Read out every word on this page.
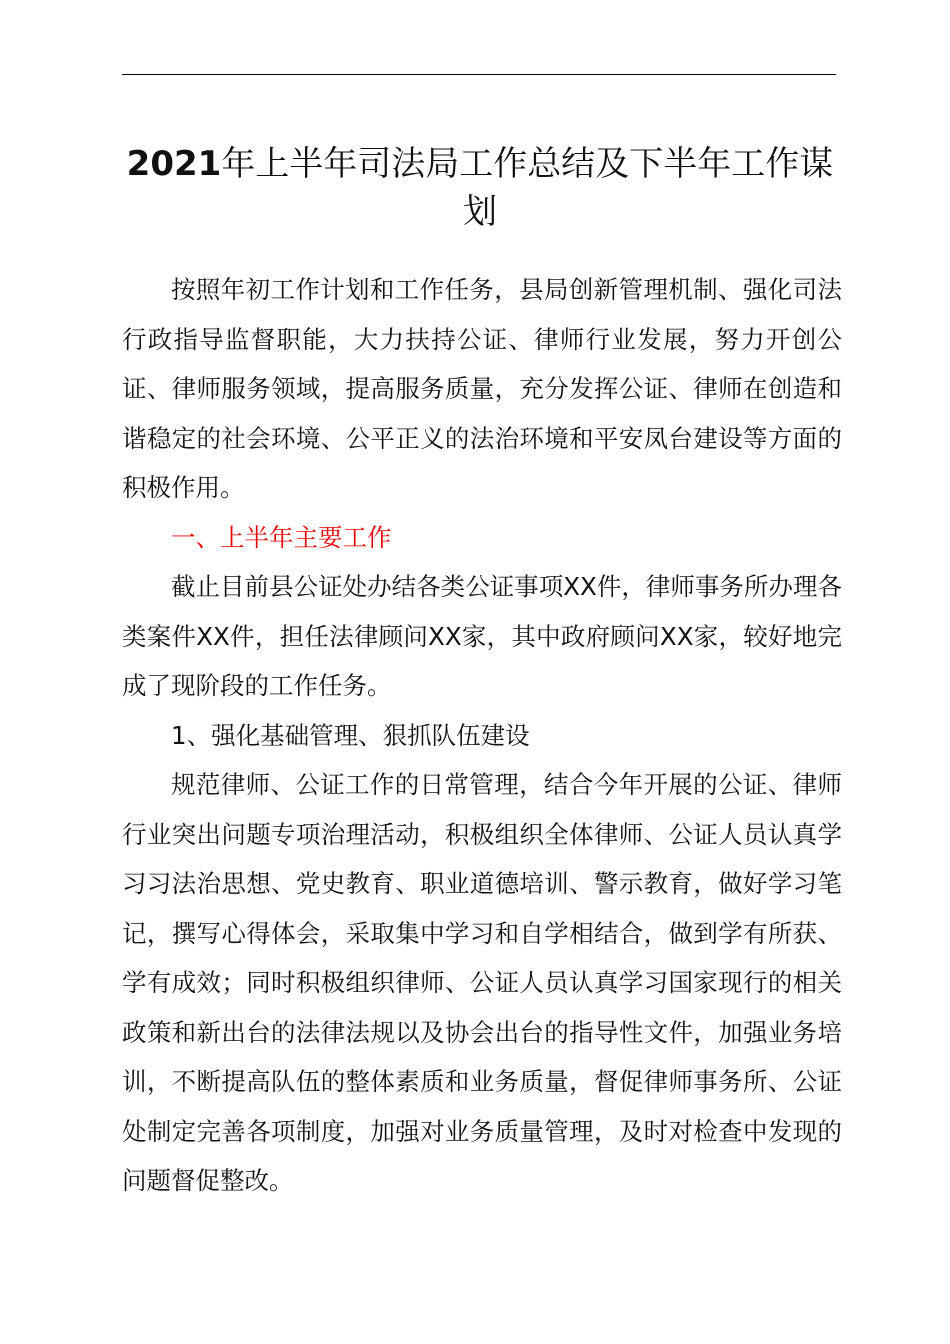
2021年上半年司法局工作总结及下半年工作谋划

按照年初工作计划和工作任务，县局创新管理机制、强化司法行政指导监督职能，大力扶持公证、律师行业发展，努力开创公证、律师服务领域，提高服务质量，充分发挥公证、律师在创造和谐稳定的社会环境、公平正义的法治环境和平安凤台建设等方面的积极作用。

一、上半年主要工作

截止目前县公证处办结各类公证事项XX件，律师事务所办理各类案件XX件，担任法律顾问XX家，其中政府顾问XX家，较好地完成了现阶段的工作任务。

1、强化基础管理、狠抓队伍建设

规范律师、公证工作的日常管理，结合今年开展的公证、律师行业突出问题专项治理活动，积极组织全体律师、公证人员认真学习习法治思想、党史教育、职业道德培训、警示教育，做好学习笔记，撰写心得体会，采取集中学习和自学相结合，做到学有所获、学有成效；同时积极组织律师、公证人员认真学习国家现行的相关政策和新出台的法律法规以及协会出台的指导性文件，加强业务培训，不断提高队伍的整体素质和业务质量，督促律师事务所、公证处制定完善各项制度，加强对业务质量管理，及时对检查中发现的问题督促整改。
